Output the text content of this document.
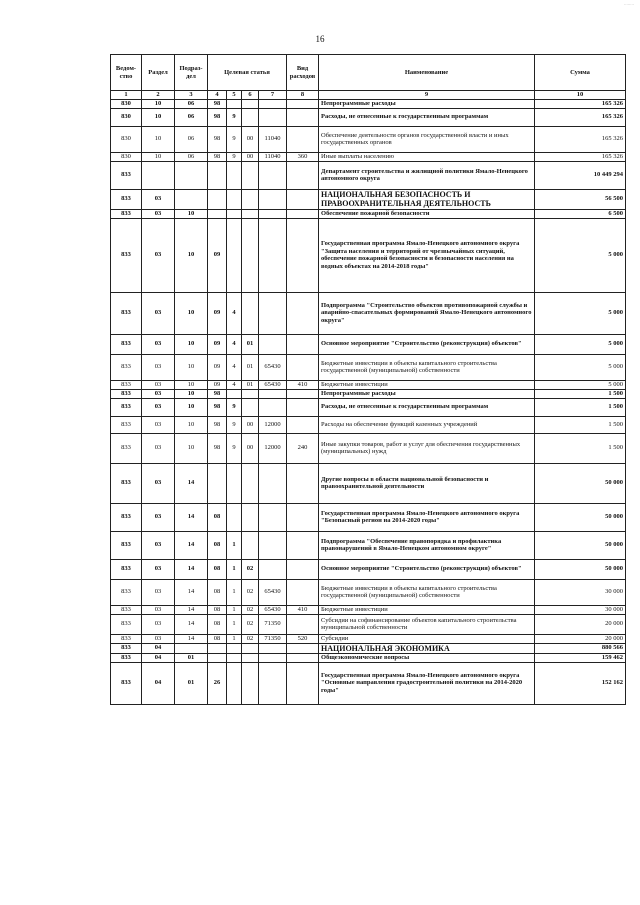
16
........
Ведом-ство	Раздел	Подраз-дел	Целевая статья				Вид расходов	Наименование	Сумма
1	2	3	4	5	6	7	8	9	10
830	10	06	98					Непрограммные расходы	165 326
830	10	06	98	9				Расходы, не отнесенные к государственным программам	165 326
830	10	06	98	9	00	11040		Обеспечение деятельности органов государственной власти и иных государственных органов	165 326
830	10	06	98	9	00	11040	360	Иные выплаты населению	165 326
833								Департамент строительства и жилищной политики Ямало-Ненецкого автономного округа	10 449 294
833	03							НАЦИОНАЛЬНАЯ БЕЗОПАСНОСТЬ И ПРАВООХРАНИТЕЛЬНАЯ ДЕЯТЕЛЬНОСТЬ	56 500
833	03	10						Обеспечение пожарной безопасности	6 500
833	03	10	09					Государственная программа Ямало-Ненецкого автономного округа "Защита населения и территорий от чрезвычайных ситуаций, обеспечение пожарной безопасности и безопасности населения на водных объектах на 2014-2018 годы"	5 000
833	03	10	09	4				Подпрограмма "Строительство объектов противопожарной службы и аварийно-спасательных формирований Ямало-Ненецкого автономного округа"	5 000
833	03	10	09	4	01			Основное мероприятие "Строительство (реконструкция) объектов"	5 000
833	03	10	09	4	01	65430		Бюджетные инвестиции в объекты капитального строительства государственной (муниципальной) собственности	5 000
833	03	10	09	4	01	65430	410	Бюджетные инвестиции	5 000
833	03	10	98					Непрограммные расходы	1 500
833	03	10	98	9				Расходы, не отнесенные к государственным программам	1 500
833	03	10	98	9	00	12000		Расходы на обеспечение функций казенных учреждений	1 500
833	03	10	98	9	00	12000	240	Иные закупки товаров, работ и услуг для обеспечения государственных (муниципальных) нужд	1 500
833	03	14						Другие вопросы в области национальной безопасности и правоохранительной деятельности	50 000
833	03	14	08					Государственная программа Ямало-Ненецкого автономного округа "Безопасный регион на 2014-2020 годы"	50 000
833	03	14	08	1				Подпрограмма "Обеспечение правопорядка и профилактика правонарушений в Ямало-Ненецком автономном округе"	50 000
833	03	14	08	1	02			Основное мероприятие "Строительство (реконструкция) объектов"	50 000
833	03	14	08	1	02	65430		Бюджетные инвестиции в объекты капитального строительства государственной (муниципальной) собственности	30 000
833	03	14	08	1	02	65430	410	Бюджетные инвестиции	30 000
833	03	14	08	1	02	71350		Субсидии на софинансирование объектов капитального строительства муниципальной собственности	20 000
833	03	14	08	1	02	71350	520	Субсидии	20 000
833	04							НАЦИОНАЛЬНАЯ ЭКОНОМИКА	880 566
833	04	01						Общеэкономические вопросы	159 462
833	04	01	26					Государственная программа Ямало-Ненецкого автономного округа "Основные направления градостроительной политики на 2014-2020 годы"	152 162
